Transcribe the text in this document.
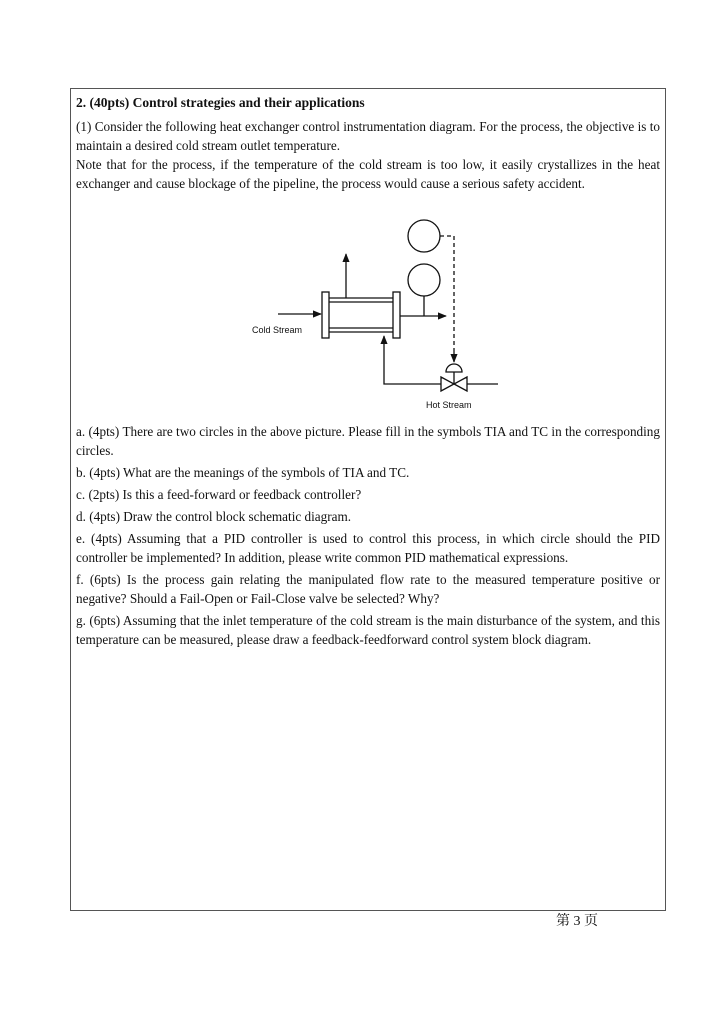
2. (40pts) Control strategies and their applications

(1) Consider the following heat exchanger control instrumentation diagram. For the process, the objective is to maintain a desired cold stream outlet temperature.

Note that for the process, if the temperature of the cold stream is too low, it easily crystallizes in the heat exchanger and cause blockage of the pipeline, the process would cause a serious safety accident.

Cold Stream
Hot Stream

a. (4pts) There are two circles in the above picture. Please fill in the symbols TIA and TC in the corresponding circles.

b. (4pts) What are the meanings of the symbols of TIA and TC.

c. (2pts) Is this a feed-forward or feedback controller?

d. (4pts) Draw the control block schematic diagram.

e. (4pts) Assuming that a PID controller is used to control this process, in which circle should the PID controller be implemented? In addition, please write common PID mathematical expressions.

f. (6pts) Is the process gain relating the manipulated flow rate to the measured temperature positive or negative? Should a Fail-Open or Fail-Close valve be selected? Why?

g. (6pts) Assuming that the inlet temperature of the cold stream is the main disturbance of the system, and this temperature can be measured, please draw a feedback-feedforward control system block diagram.

第 3 页
